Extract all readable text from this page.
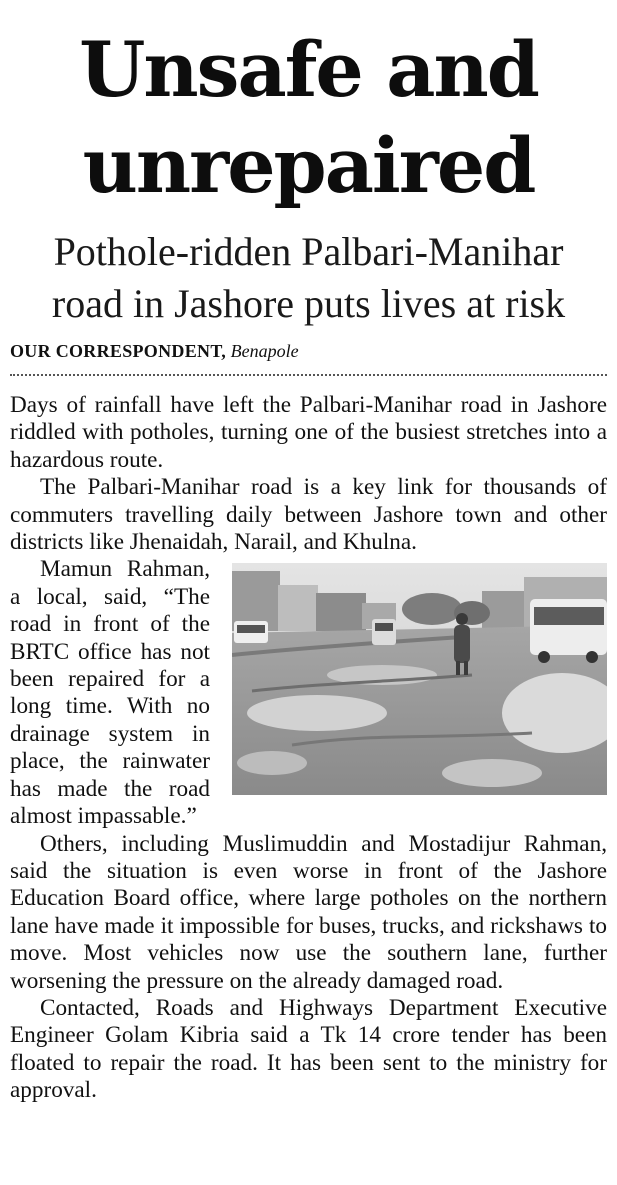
Unsafe and
unrepaired
Pothole-ridden Palbari-Manihar
road in Jashore puts lives at risk
OUR CORRESPONDENT, Benapole

Days of rainfall have left the Palbari-Manihar road in Jashore riddled with potholes, turning one of the busiest stretches into a hazardous route.

The Palbari-Manihar road is a key link for thousands of commuters travelling daily between Jashore town and other districts like Jhenaidah, Narail, and Khulna.

Mamun Rahman, a local, said, “The road in front of the BRTC office has not been repaired for a long time. With no drainage system in place, the rainwater has made the road almost impassable.”

Others, including Muslimuddin and Mostadijur Rahman, said the situation is even worse in front of the Jashore Education Board office, where large potholes on the northern lane have made it impossible for buses, trucks, and rickshaws to move. Most vehicles now use the southern lane, further worsening the pressure on the already damaged road.

Contacted, Roads and Highways Department Executive Engineer Golam Kibria said a Tk 14 crore tender has been floated to repair the road. It has been sent to the ministry for approval.
